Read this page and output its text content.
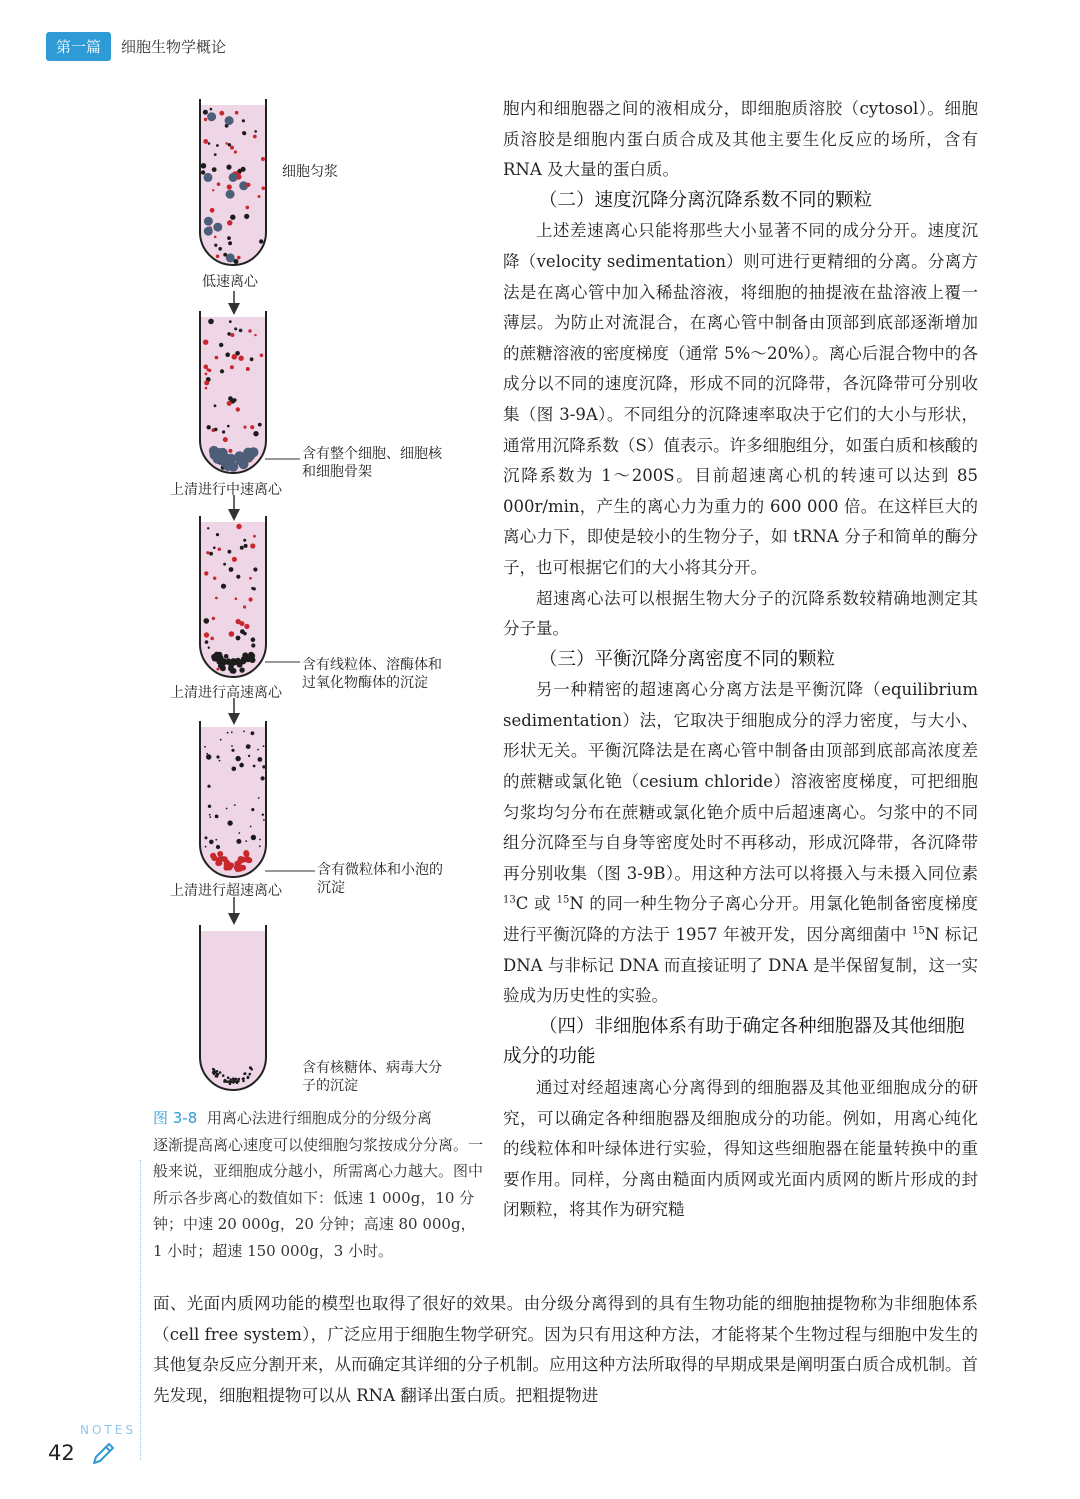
第一篇	细胞生物学概论
细胞匀浆
低速离心
含有整个细胞、细胞核
和细胞骨架
上清进行中速离心
含有线粒体、溶酶体和
过氧化物酶体的沉淀
上清进行高速离心
含有微粒体和小泡的
沉淀
上清进行超速离心
含有核糖体、病毒大分
子的沉淀
图 3-8 用离心法进行细胞成分的分级分离
逐渐提高离心速度可以使细胞匀浆按成分分离。一般来说，亚细胞成分越小，所需离心力越大。图中所示各步离心的数值如下：低速 1 000g，10 分钟；中速 20 000g，20 分钟；高速 80 000g，1 小时；超速 150 000g，3 小时。

胞内和细胞器之间的液相成分，即细胞质溶胶（cytosol）。细胞质溶胶是细胞内蛋白质合成及其他主要生化反应的场所，含有 RNA 及大量的蛋白质。

（二）速度沉降分离沉降系数不同的颗粒

上述差速离心只能将那些大小显著不同的成分分开。速度沉降（velocity sedimentation）则可进行更精细的分离。分离方法是在离心管中加入稀盐溶液，将细胞的抽提液在盐溶液上覆一薄层。为防止对流混合，在离心管中制备由顶部到底部逐渐增加的蔗糖溶液的密度梯度（通常 5%～20%）。离心后混合物中的各成分以不同的速度沉降，形成不同的沉降带，各沉降带可分别收集（图 3-9A）。不同组分的沉降速率取决于它们的大小与形状，通常用沉降系数（S）值表示。许多细胞组分，如蛋白质和核酸的沉降系数为 1～200S。目前超速离心机的转速可以达到 85 000r/min，产生的离心力为重力的 600 000 倍。在这样巨大的离心力下，即使是较小的生物分子，如 tRNA 分子和简单的酶分子，也可根据它们的大小将其分开。

超速离心法可以根据生物大分子的沉降系数较精确地测定其分子量。

（三）平衡沉降分离密度不同的颗粒

另一种精密的超速离心分离方法是平衡沉降（equilibrium sedimentation）法，它取决于细胞成分的浮力密度，与大小、形状无关。平衡沉降法是在离心管中制备由顶部到底部高浓度差的蔗糖或氯化铯（cesium chloride）溶液密度梯度，可把细胞匀浆均匀分布在蔗糖或氯化铯介质中后超速离心。匀浆中的不同组分沉降至与自身等密度处时不再移动，形成沉降带，各沉降带再分别收集（图 3-9B）。用这种方法可以将摄入与未摄入同位素 $^{13}$C 或 $^{15}$N 的同一种生物分子离心分开。用氯化铯制备密度梯度进行平衡沉降的方法于 1957 年被开发，因分离细菌中 $^{15}$N 标记 DNA 与非标记 DNA 而直接证明了 DNA 是半保留复制，这一实验成为历史性的实验。

（四）非细胞体系有助于确定各种细胞器及其他细胞成分的功能

通过对经超速离心分离得到的细胞器及其他亚细胞成分的研究，可以确定各种细胞器及细胞成分的功能。例如，用离心纯化的线粒体和叶绿体进行实验，得知这些细胞器在能量转换中的重要作用。同样，分离由糙面内质网或光面内质网的断片形成的封闭颗粒，将其作为研究糙

面、光面内质网功能的模型也取得了很好的效果。由分级分离得到的具有生物功能的细胞抽提物称为非细胞体系（cell free system），广泛应用于细胞生物学研究。因为只有用这种方法，才能将某个生物过程与细胞中发生的其他复杂反应分割开来，从而确定其详细的分子机制。应用这种方法所取得的早期成果是阐明蛋白质合成机制。首先发现，细胞粗提物可以从 RNA 翻译出蛋白质。把粗提物进

NOTES
42
